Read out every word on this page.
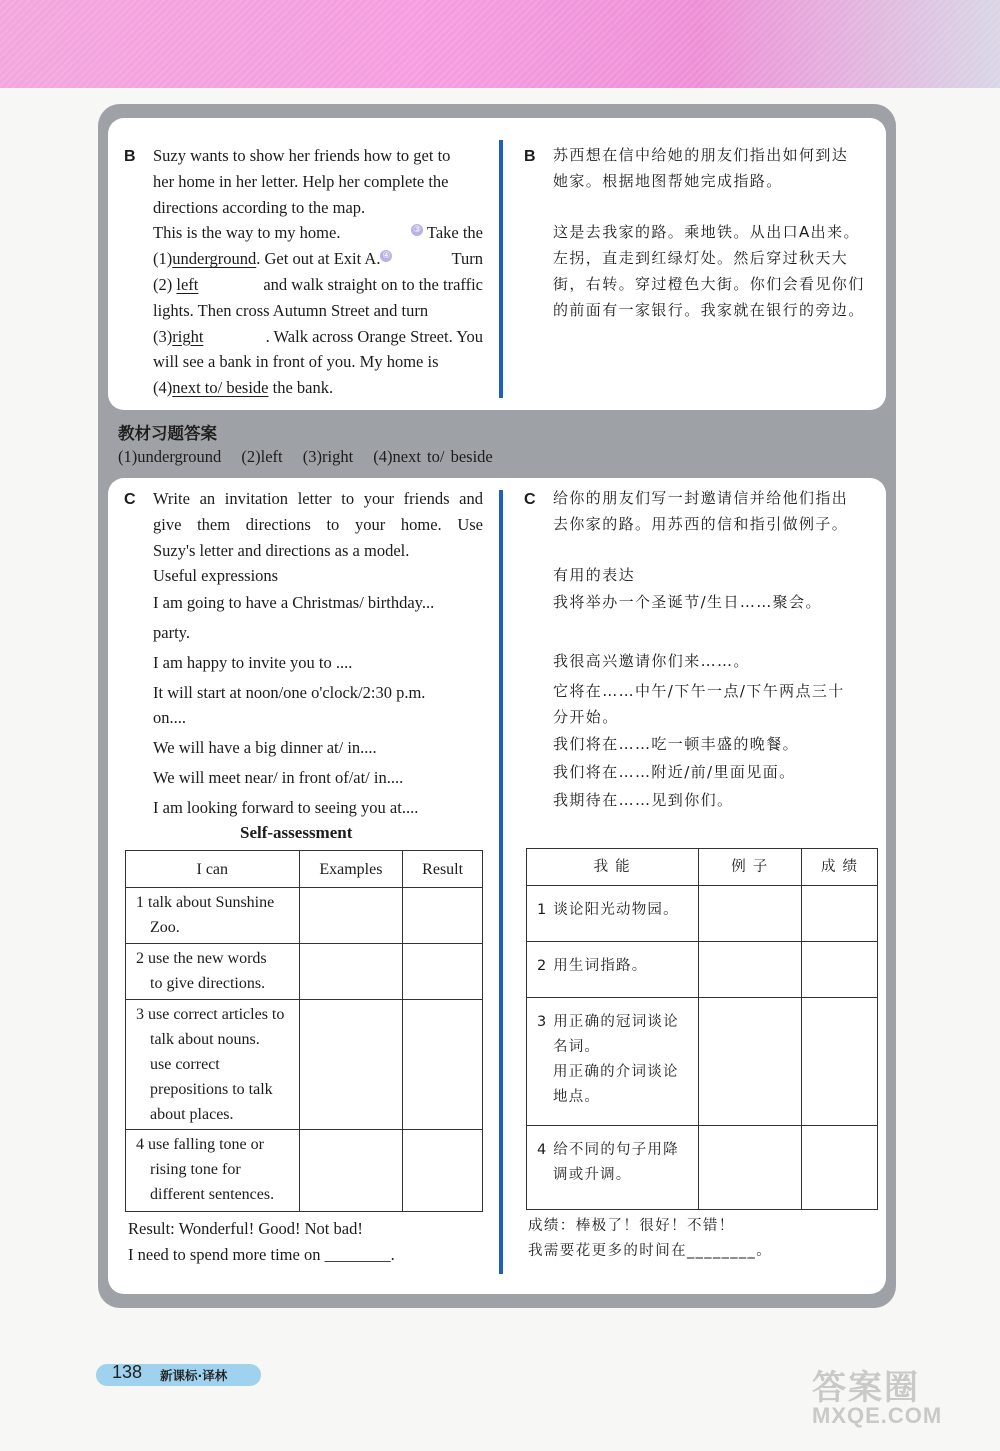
B Suzy wants to show her friends how to get to
her home in her letter. Help her complete the
directions according to the map.
This is the way to my home.	③ Take the
(1)underground. Get out at Exit A. ④	Turn
(2) left	and walk straight on to the traffic
lights. Then cross Autumn Street and turn
(3)right	. Walk across Orange Street. You
will see a bank in front of you. My home is
(4)next to/ beside the bank.
B 苏西想在信中给她的朋友们指出如何到达
她家。根据地图帮她完成指路。
这是去我家的路。乘地铁。从出口A出来。
左拐，直走到红绿灯处。然后穿过秋天大
街，右转。穿过橙色大街。你们会看见你们
的前面有一家银行。我家就在银行的旁边。
教材习题答案
(1)underground (2)left (3)right (4)next to/ beside
C Write an invitation letter to your friends and
give them directions to your home. Use
Suzy's letter and directions as a model.
Useful expressions
I am going to have a Christmas/ birthday...
party.
I am happy to invite you to ....
It will start at noon/one o'clock/2:30 p.m.
on....
We will have a big dinner at/ in....
We will meet near/ in front of/at/ in....
I am looking forward to seeing you at....
C 给你的朋友们写一封邀请信并给他们指出
去你家的路。用苏西的信和指引做例子。
有用的表达
我将举办一个圣诞节/生日……聚会。
我很高兴邀请你们来……。
它将在……中午/下午一点/下午两点三十
分开始。
我们将在……吃一顿丰盛的晚餐。
我们将在……附近/前/里面见面。
我期待在……见到你们。
Self-assessment
I can	Examples	Result

1 talk about Sunshine
Zoo.		

2 use the new words
to give directions.		

3 use correct articles to
talk about nouns.
use correct
prepositions to talk
about places.		

4 use falling tone or
rising tone for
different sentences.		

我 能	例 子	成 绩

1 谈论阳光动物园。		

2 用生词指路。		

3 用正确的冠词谈论
名词。
用正确的介词谈论
地点。		

4 给不同的句子用降
调或升调。		

Result: Wonderful! Good! Not bad!
I need to spend more time on ________.
成绩：棒极了！很好！不错！
我需要花更多的时间在________。
138 新课标·译林	答案圈
MXQE.COM
